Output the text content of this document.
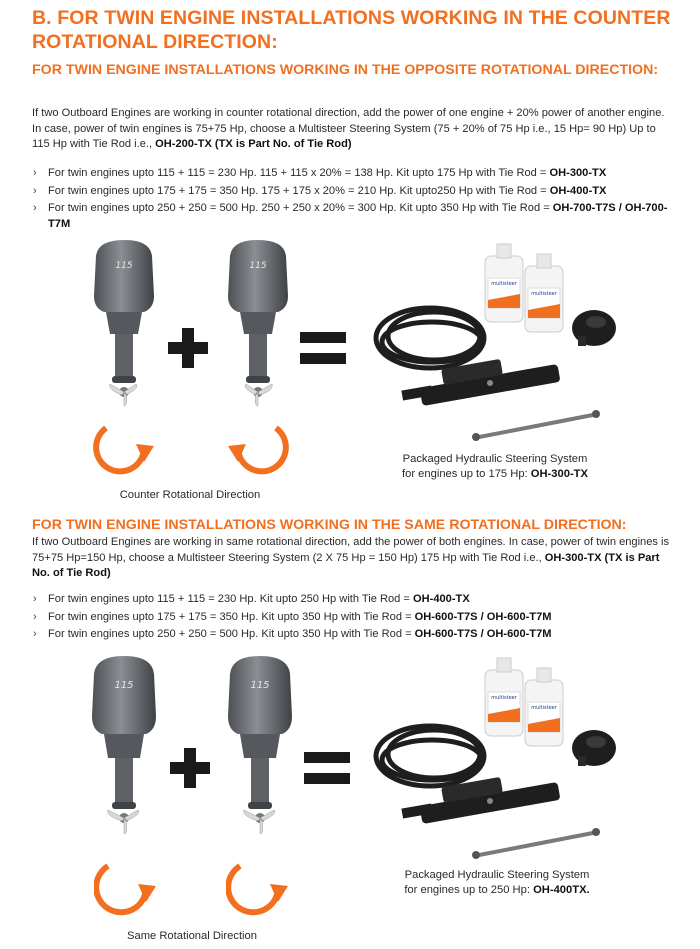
B. FOR TWIN ENGINE INSTALLATIONS WORKING IN THE COUNTER ROTATIONAL DIRECTION:
FOR TWIN ENGINE INSTALLATIONS WORKING IN THE OPPOSITE ROTATIONAL DIRECTION:

If two Outboard Engines are working in counter rotational direction, add the power of one engine + 20% power of another engine. In case, power of twin engines is 75+75 Hp, choose a Multisteer Steering System (75 + 20% of 75 Hp i.e., 15 Hp= 90 Hp) Up to 115 Hp with Tie Rod i.e., OH-200-TX (TX is Part No. of Tie Rod)

› For twin engines upto 115 + 115 = 230 Hp. 115 + 115 x 20% = 138 Hp. Kit upto 175 Hp with Tie Rod = OH-300-TX
› For twin engines upto 175 + 175 = 350 Hp. 175 + 175 x 20% = 210 Hp. Kit upto250 Hp with Tie Rod = OH-400-TX
› For twin engines upto 250 + 250 = 500 Hp. 250 + 250 x 20% = 300 Hp. Kit upto 350 Hp with Tie Rod = OH-700-T7S / OH-700-T7M
115	115
Counter Rotational Direction
multisteer
multisteer
Packaged Hydraulic Steering System
for engines up to 175 Hp: OH-300-TX
FOR TWIN ENGINE INSTALLATIONS WORKING IN THE SAME ROTATIONAL DIRECTION:

If two Outboard Engines are working in same rotational direction, add the power of both engines. In case, power of twin engines is 75+75 Hp=150 Hp, choose a Multisteer Steering System (2 X 75 Hp = 150 Hp) 175 Hp with Tie Rod i.e., OH-300-TX (TX is Part No. of Tie Rod)

› For twin engines upto 115 + 115 = 230 Hp. Kit upto 250 Hp with Tie Rod = OH-400-TX
› For twin engines upto 175 + 175 = 350 Hp. Kit upto 350 Hp with Tie Rod = OH-600-T7S / OH-600-T7M
› For twin engines upto 250 + 250 = 500 Hp. Kit upto 350 Hp with Tie Rod = OH-600-T7S / OH-600-T7M
115	115
Same Rotational Direction
multisteer
multisteer
Packaged Hydraulic Steering System
for engines up to 250 Hp: OH-400TX.
